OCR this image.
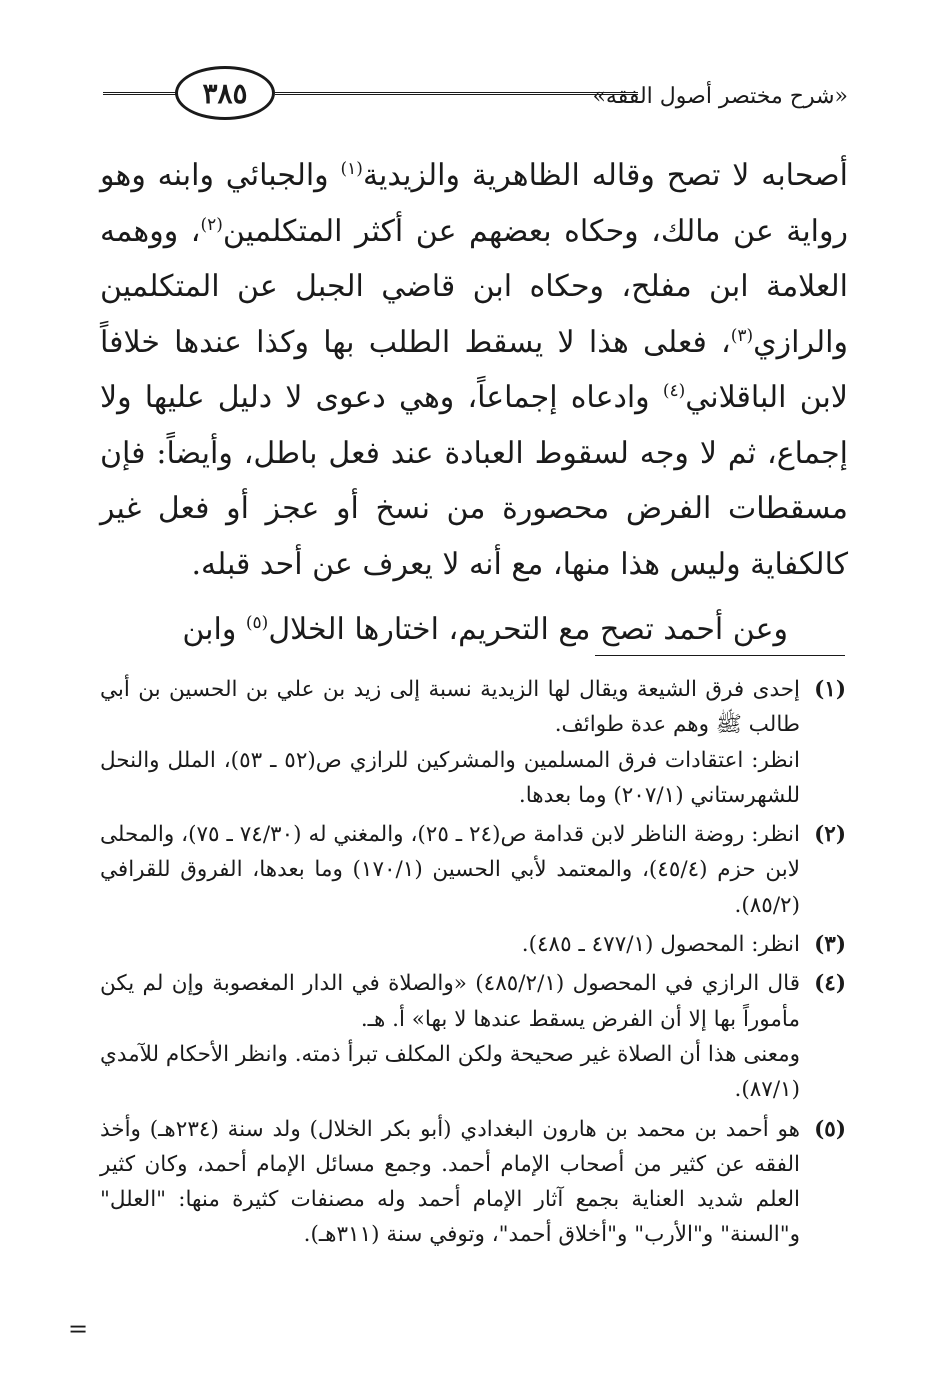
«شرح مختصر أصول الفقه»
٣٨٥

أصحابه لا تصح وقاله الظاهرية والزيدية$^{(١)}$ والجبائي وابنه وهو رواية عن مالك، وحكاه بعضهم عن أكثر المتكلمين$^{(٢)}$، ووهمه العلامة ابن مفلح، وحكاه ابن قاضي الجبل عن المتكلمين والرازي$^{(٣)}$، فعلى هذا لا يسقط الطلب بها وكذا عندها خلافاً لابن الباقلاني$^{(٤)}$ وادعاه إجماعاً، وهي دعوى لا دليل عليها ولا إجماع، ثم لا وجه لسقوط العبادة عند فعل باطل، وأيضاً: فإن مسقطات الفرض محصورة من نسخ أو عجز أو فعل غير كالكفاية وليس هذا منها، مع أنه لا يعرف عن أحد قبله.

وعن أحمد تصح مع التحريم، اختارها الخلال$^{(٥)}$ وابن

(١)

إحدى فرق الشيعة ويقال لها الزيدية نسبة إلى زيد بن علي بن الحسين بن أبي طالب ﷺ وهم عدة طوائف.

انظر: اعتقادات فرق المسلمين والمشركين للرازي ص(٥٢ ـ ٥٣)، الملل والنحل للشهرستاني (٢٠٧/١) وما بعدها.

(٢)

انظر: روضة الناظر لابن قدامة ص(٢٤ ـ ٢٥)، والمغني له (٧٤/٣٠ ـ ٧٥)، والمحلى لابن حزم (٤٥/٤)، والمعتمد لأبي الحسين (١٧٠/١) وما بعدها، الفروق للقرافي (٨٥/٢).

(٣)

انظر: المحصول (٤٧٧/١ ـ ٤٨٥).

(٤)

قال الرازي في المحصول (٤٨٥/٢/١) «والصلاة في الدار المغصوبة وإن لم يكن مأموراً بها إلا أن الفرض يسقط عندها لا بها» أ. هـ.

ومعنى هذا أن الصلاة غير صحيحة ولكن المكلف تبرأ ذمته. وانظر الأحكام للآمدي (٨٧/١).

(٥)

هو أحمد بن محمد بن هارون البغدادي (أبو بكر الخلال) ولد سنة (٢٣٤هـ) وأخذ الفقه عن كثير من أصحاب الإمام أحمد. وجمع مسائل الإمام أحمد، وكان كثير العلم شديد العناية بجمع آثار الإمام أحمد وله مصنفات كثيرة منها: "العلل" و"السنة" و"الأرب" و"أخلاق أحمد"، وتوفي سنة (٣١١هـ).

=
